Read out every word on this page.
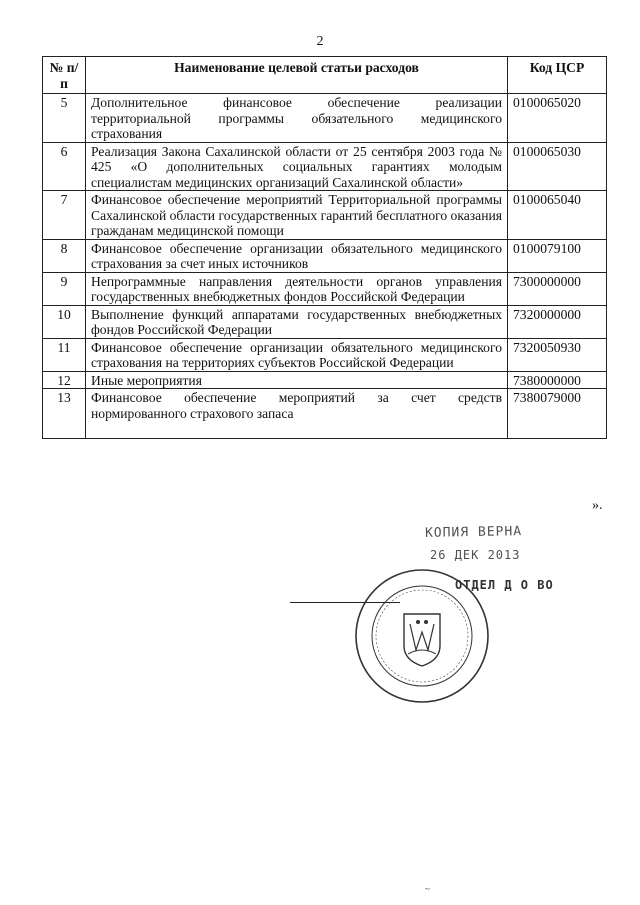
2
№ п/п	Наименование целевой статьи расходов	Код ЦСР
5	Дополнительное финансовое обеспечение реализации территориальной программы обязательного медицинского страхования	0100065020
6	Реализация Закона Сахалинской области от 25 сентября 2003 года № 425 «О дополнительных социальных гарантиях молодым специалистам медицинских организаций Сахалинской области»	0100065030
7	Финансовое обеспечение мероприятий Территориальной программы Сахалинской области государственных гарантий бесплатного оказания гражданам медицинской помощи	0100065040
8	Финансовое обеспечение организации обязательного медицинского страхования за счет иных источников	0100079100
9	Непрограммные направления деятельности органов управления государственных внебюджетных фондов Российской Федерации	7300000000
10	Выполнение функций аппаратами государственных внебюджетных фондов Российской Федерации	7320000000
11	Финансовое обеспечение организации обязательного медицинского страхования на территориях субъектов Российской Федерации	7320050930
12	Иные мероприятия	7380000000
13	Финансовое обеспечение мероприятий за счет средств нормированного страхового запаса	7380079000
».
КОПИЯ ВЕРНА
26 ДЕК 2013
ОТДЕЛ Д О ВО
~
